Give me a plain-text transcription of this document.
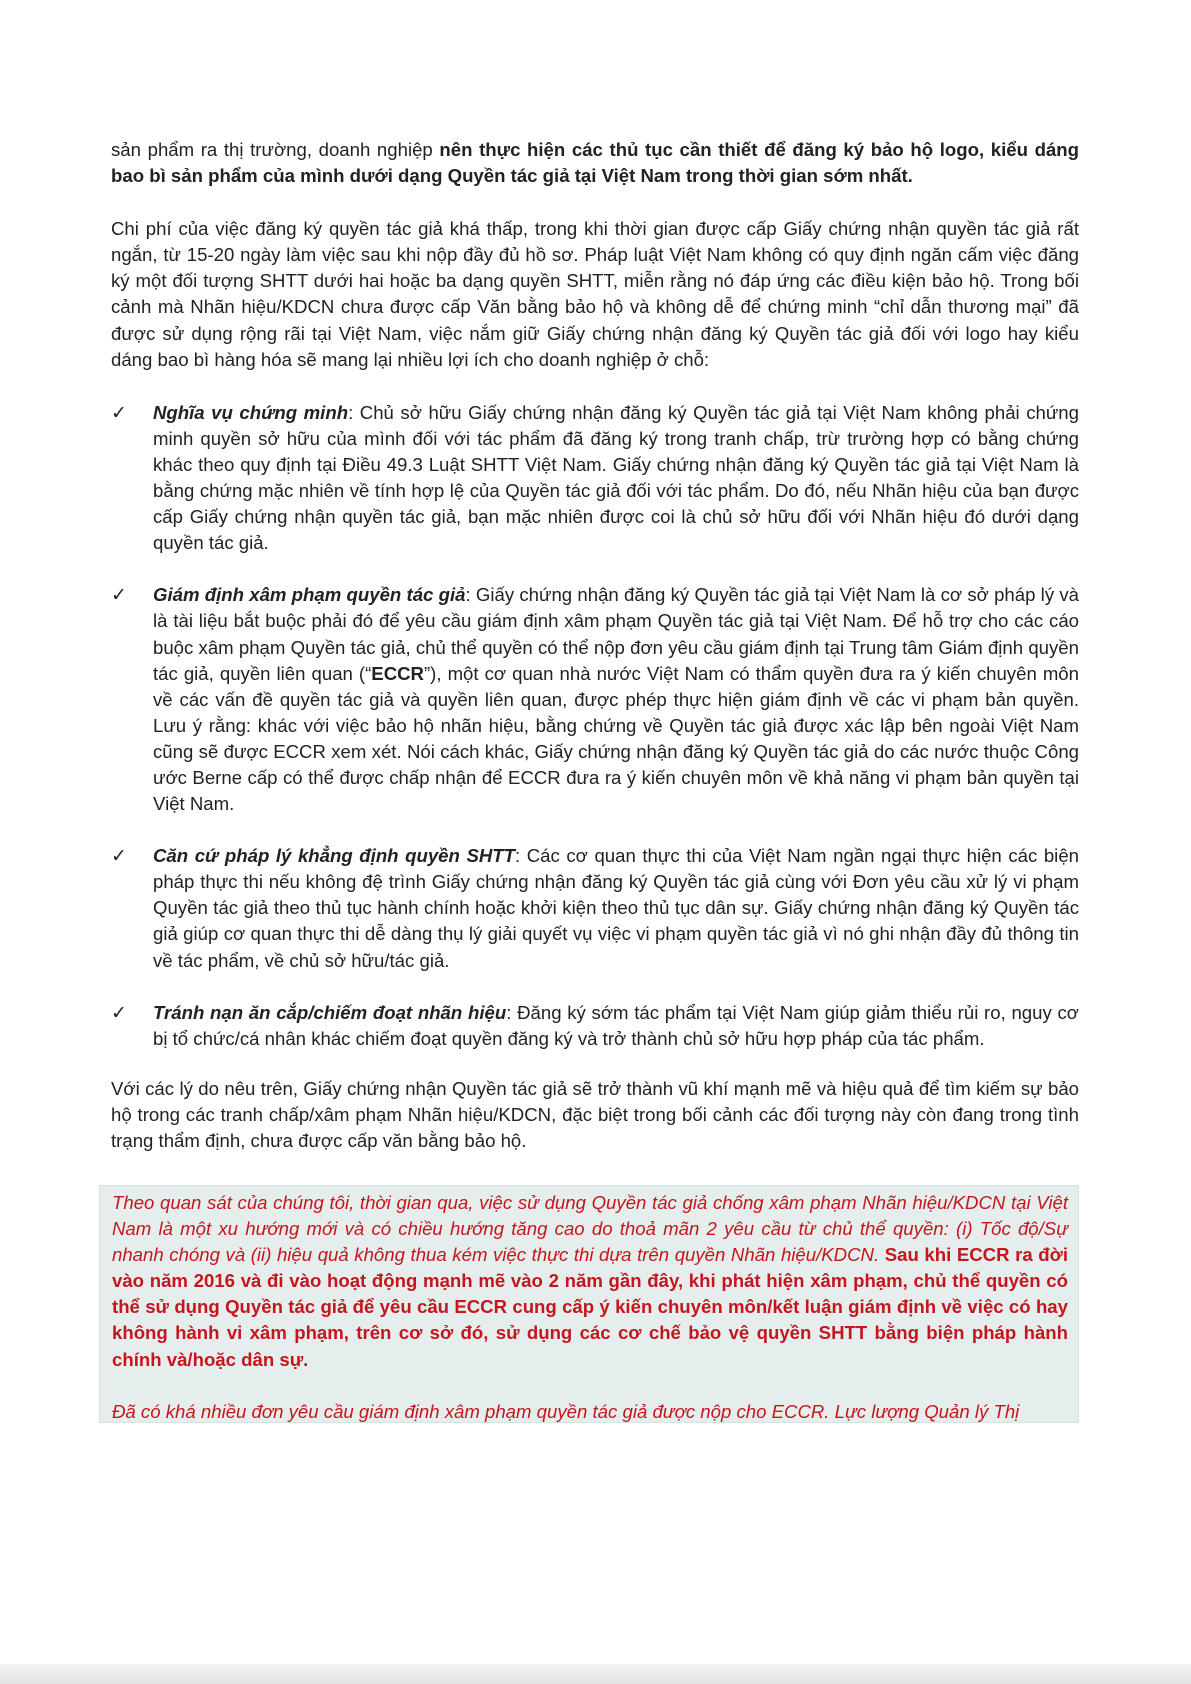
sản phẩm ra thị trường, doanh nghiệp nên thực hiện các thủ tục cần thiết để đăng ký bảo hộ logo, kiểu dáng bao bì sản phẩm của mình dưới dạng Quyền tác giả tại Việt Nam trong thời gian sớm nhất.

Chi phí của việc đăng ký quyền tác giả khá thấp, trong khi thời gian được cấp Giấy chứng nhận quyền tác giả rất ngắn, từ 15-20 ngày làm việc sau khi nộp đầy đủ hồ sơ. Pháp luật Việt Nam không có quy định ngăn cấm việc đăng ký một đối tượng SHTT dưới hai hoặc ba dạng quyền SHTT, miễn rằng nó đáp ứng các điều kiện bảo hộ. Trong bối cảnh mà Nhãn hiệu/KDCN chưa được cấp Văn bằng bảo hộ và không dễ để chứng minh “chỉ dẫn thương mại” đã được sử dụng rộng rãi tại Việt Nam, việc nắm giữ Giấy chứng nhận đăng ký Quyền tác giả đối với logo hay kiểu dáng bao bì hàng hóa sẽ mang lại nhiều lợi ích cho doanh nghiệp ở chỗ:

✓	Nghĩa vụ chứng minh: Chủ sở hữu Giấy chứng nhận đăng ký Quyền tác giả tại Việt Nam không phải chứng minh quyền sở hữu của mình đối với tác phẩm đã đăng ký trong tranh chấp, trừ trường hợp có bằng chứng khác theo quy định tại Điều 49.3 Luật SHTT Việt Nam. Giấy chứng nhận đăng ký Quyền tác giả tại Việt Nam là bằng chứng mặc nhiên về tính hợp lệ của Quyền tác giả đối với tác phẩm. Do đó, nếu Nhãn hiệu của bạn được cấp Giấy chứng nhận quyền tác giả, bạn mặc nhiên được coi là chủ sở hữu đối với Nhãn hiệu đó dưới dạng quyền tác giả.

✓	Giám định xâm phạm quyền tác giả: Giấy chứng nhận đăng ký Quyền tác giả tại Việt Nam là cơ sở pháp lý và là tài liệu bắt buộc phải đó để yêu cầu giám định xâm phạm Quyền tác giả tại Việt Nam. Để hỗ trợ cho các cáo buộc xâm phạm Quyền tác giả, chủ thể quyền có thể nộp đơn yêu cầu giám định tại Trung tâm Giám định quyền tác giả, quyền liên quan (“ECCR”), một cơ quan nhà nước Việt Nam có thẩm quyền đưa ra ý kiến chuyên môn về các vấn đề quyền tác giả và quyền liên quan, được phép thực hiện giám định về các vi phạm bản quyền. Lưu ý rằng: khác với việc bảo hộ nhãn hiệu, bằng chứng về Quyền tác giả được xác lập bên ngoài Việt Nam cũng sẽ được ECCR xem xét. Nói cách khác, Giấy chứng nhận đăng ký Quyền tác giả do các nước thuộc Công ước Berne cấp có thể được chấp nhận để ECCR đưa ra ý kiến chuyên môn về khả năng vi phạm bản quyền tại Việt Nam.

✓	Căn cứ pháp lý khẳng định quyền SHTT: Các cơ quan thực thi của Việt Nam ngần ngại thực hiện các biện pháp thực thi nếu không đệ trình Giấy chứng nhận đăng ký Quyền tác giả cùng với Đơn yêu cầu xử lý vi phạm Quyền tác giả theo thủ tục hành chính hoặc khởi kiện theo thủ tục dân sự. Giấy chứng nhận đăng ký Quyền tác giả giúp cơ quan thực thi dễ dàng thụ lý giải quyết vụ việc vi phạm quyền tác giả vì nó ghi nhận đầy đủ thông tin về tác phẩm, về chủ sở hữu/tác giả.

✓	Tránh nạn ăn cắp/chiếm đoạt nhãn hiệu: Đăng ký sớm tác phẩm tại Việt Nam giúp giảm thiểu rủi ro, nguy cơ bị tổ chức/cá nhân khác chiếm đoạt quyền đăng ký và trở thành chủ sở hữu hợp pháp của tác phẩm.

Với các lý do nêu trên, Giấy chứng nhận Quyền tác giả sẽ trở thành vũ khí mạnh mẽ và hiệu quả để tìm kiếm sự bảo hộ trong các tranh chấp/xâm phạm Nhãn hiệu/KDCN, đặc biệt trong bối cảnh các đối tượng này còn đang trong tình trạng thẩm định, chưa được cấp văn bằng bảo hộ.

Theo quan sát của chúng tôi, thời gian qua, việc sử dụng Quyền tác giả chống xâm phạm Nhãn hiệu/KDCN tại Việt Nam là một xu hướng mới và có chiều hướng tăng cao do thoả mãn 2 yêu cầu từ chủ thể quyền: (i) Tốc độ/Sự nhanh chóng và (ii) hiệu quả không thua kém việc thực thi dựa trên quyền Nhãn hiệu/KDCN. Sau khi ECCR ra đời vào năm 2016 và đi vào hoạt động mạnh mẽ vào 2 năm gần đây, khi phát hiện xâm phạm, chủ thể quyền có thể sử dụng Quyền tác giả để yêu cầu ECCR cung cấp ý kiến chuyên môn/kết luận giám định về việc có hay không hành vi xâm phạm, trên cơ sở đó, sử dụng các cơ chế bảo vệ quyền SHTT bằng biện pháp hành chính và/hoặc dân sự.

Đã có khá nhiều đơn yêu cầu giám định xâm phạm quyền tác giả được nộp cho ECCR. Lực lượng Quản lý Thị
